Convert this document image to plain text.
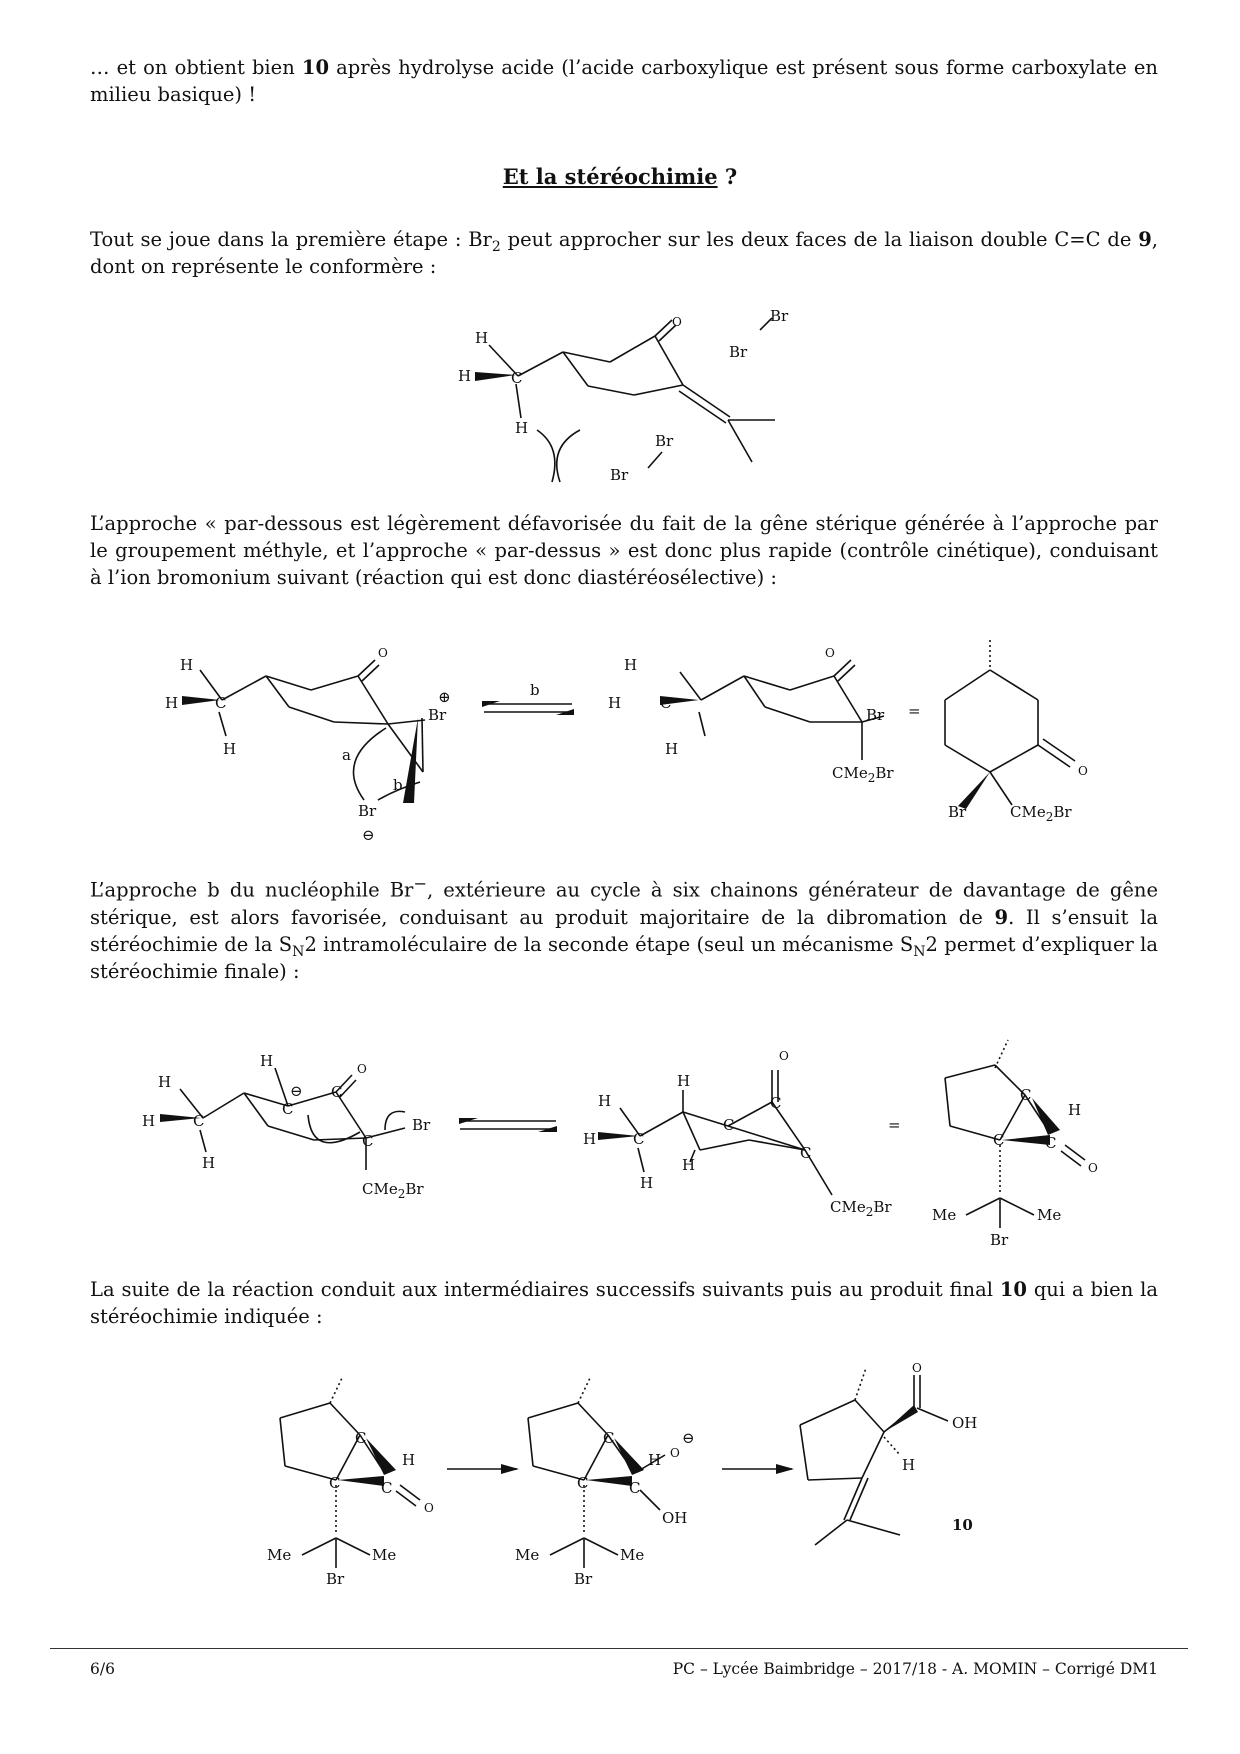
… et on obtient bien 10 après hydrolyse acide (l’acide carboxylique est présent sous forme carboxylate en milieu basique) !

Et la stéréochimie ?

Tout se joue dans la première étape : $Br_2$ peut approcher sur les deux faces de la liaison double C=C de 9, dont on représente le conformère :

H
H	C
H
O	Br
Br
Br
Br

L’approche « par-dessous est légèrement défavorisée du fait de la gêne stérique générée à l’approche par le groupement méthyle, et l’approche « par-dessus » est donc plus rapide (contrôle cinétique), conduisant à l’ion bromonium suivant (réaction qui est donc diastéréosélective) :

H
H C
H
O
Br
⊕
a
b
Br
⊖
b
H
H	C
H
O
Br
CMe$_2$Br
=
O
Br	CMe$_2$Br

L’approche b du nucléophile Br−, extérieure au cycle à six chainons générateur de davantage de gêne stérique, est alors favorisée, conduisant au produit majoritaire de la dibromation de 9. Il s’ensuit la stéréochimie de la $S_N2$ intramoléculaire de la seconde étape (seul un mécanisme $S_N2$ permet d’expliquer la stéréochimie finale) :

H
H	C
H
H
C
⊖ C
O
C
Br
CMe$_2$Br
H
H C
H
H
H
C
C
O
C
CMe$_2$Br
=
C
H
C	C
O
Me	Me
Br

La suite de la réaction conduit aux intermédiaires successifs suivants puis au produit final 10 qui a bien la stéréochimie indiquée :

C
H
C	C
O
Me	Me
Br
C
H
C	C
O
⊖
OH
Me	Me
Br
O
OH
H
10
6/6	PC – Lycée Baimbridge – 2017/18 - A. MOMIN – Corrigé DM1
